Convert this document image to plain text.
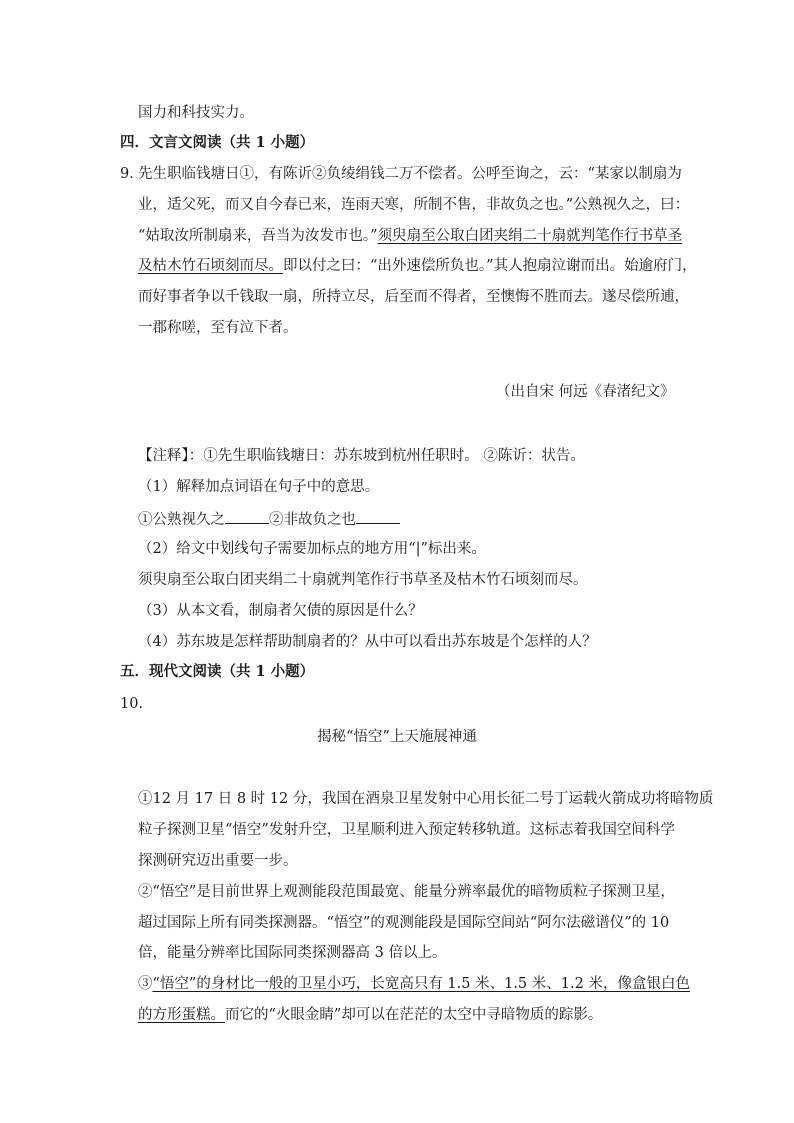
国力和科技实力。
四．文言文阅读（共 1 小题）
9．
先生职临钱塘日①，有陈䜣②负绫绢钱二万不偿者。公呼至询之，云：“某家以制扇为
业，适父死，而又自今春已来，连雨天寒，所制不售，非故负之也。”公熟视久之，曰：
“姑取汝所制扇来，吾当为汝发市也。”须臾扇至公取白团夹绢二十扇就判笔作行书草圣
及枯木竹石顷刻而尽。即以付之曰：“出外速偿所负也。”其人抱扇泣谢而出。始逾府门，
而好事者争以千钱取一扇，所持立尽，后至而不得者，至懊悔不胜而去。遂尽偿所逋，
一郡称嗟，至有泣下者。
（出自宋 何远《春渚纪文》
【注释】：①先生职临钱塘日：苏东坡到杭州任职时。 ②陈䜣：状告。
（1）解释加点词语在句子中的意思。
①公熟视久之	②非故负之也
（2）给文中划线句子需要加标点的地方用“|”标出来。
须臾扇至公取白团夹绢二十扇就判笔作行书草圣及枯木竹石顷刻而尽。
（3）从本文看，制扇者欠债的原因是什么？
（4）苏东坡是怎样帮助制扇者的？从中可以看出苏东坡是个怎样的人？
五．现代文阅读（共 1 小题）
10．
揭秘“悟空”上天施展神通
①12 月 17 日 8 时 12 分，我国在酒泉卫星发射中心用长征二号丁运载火箭成功将暗物质
粒子探测卫星“悟空”发射升空，卫星顺利进入预定转移轨道。这标志着我国空间科学
探测研究迈出重要一步。
②“悟空”是目前世界上观测能段范围最宽、能量分辨率最优的暗物质粒子探测卫星，
超过国际上所有同类探测器。“悟空”的观测能段是国际空间站“阿尔法磁谱仪”的 10
倍，能量分辨率比国际同类探测器高 3 倍以上。
③“悟空”的身材比一般的卫星小巧，长宽高只有 1.5 米、1.5 米、1.2 米，像盒银白色
的方形蛋糕。而它的“火眼金睛”却可以在茫茫的太空中寻暗物质的踪影。
